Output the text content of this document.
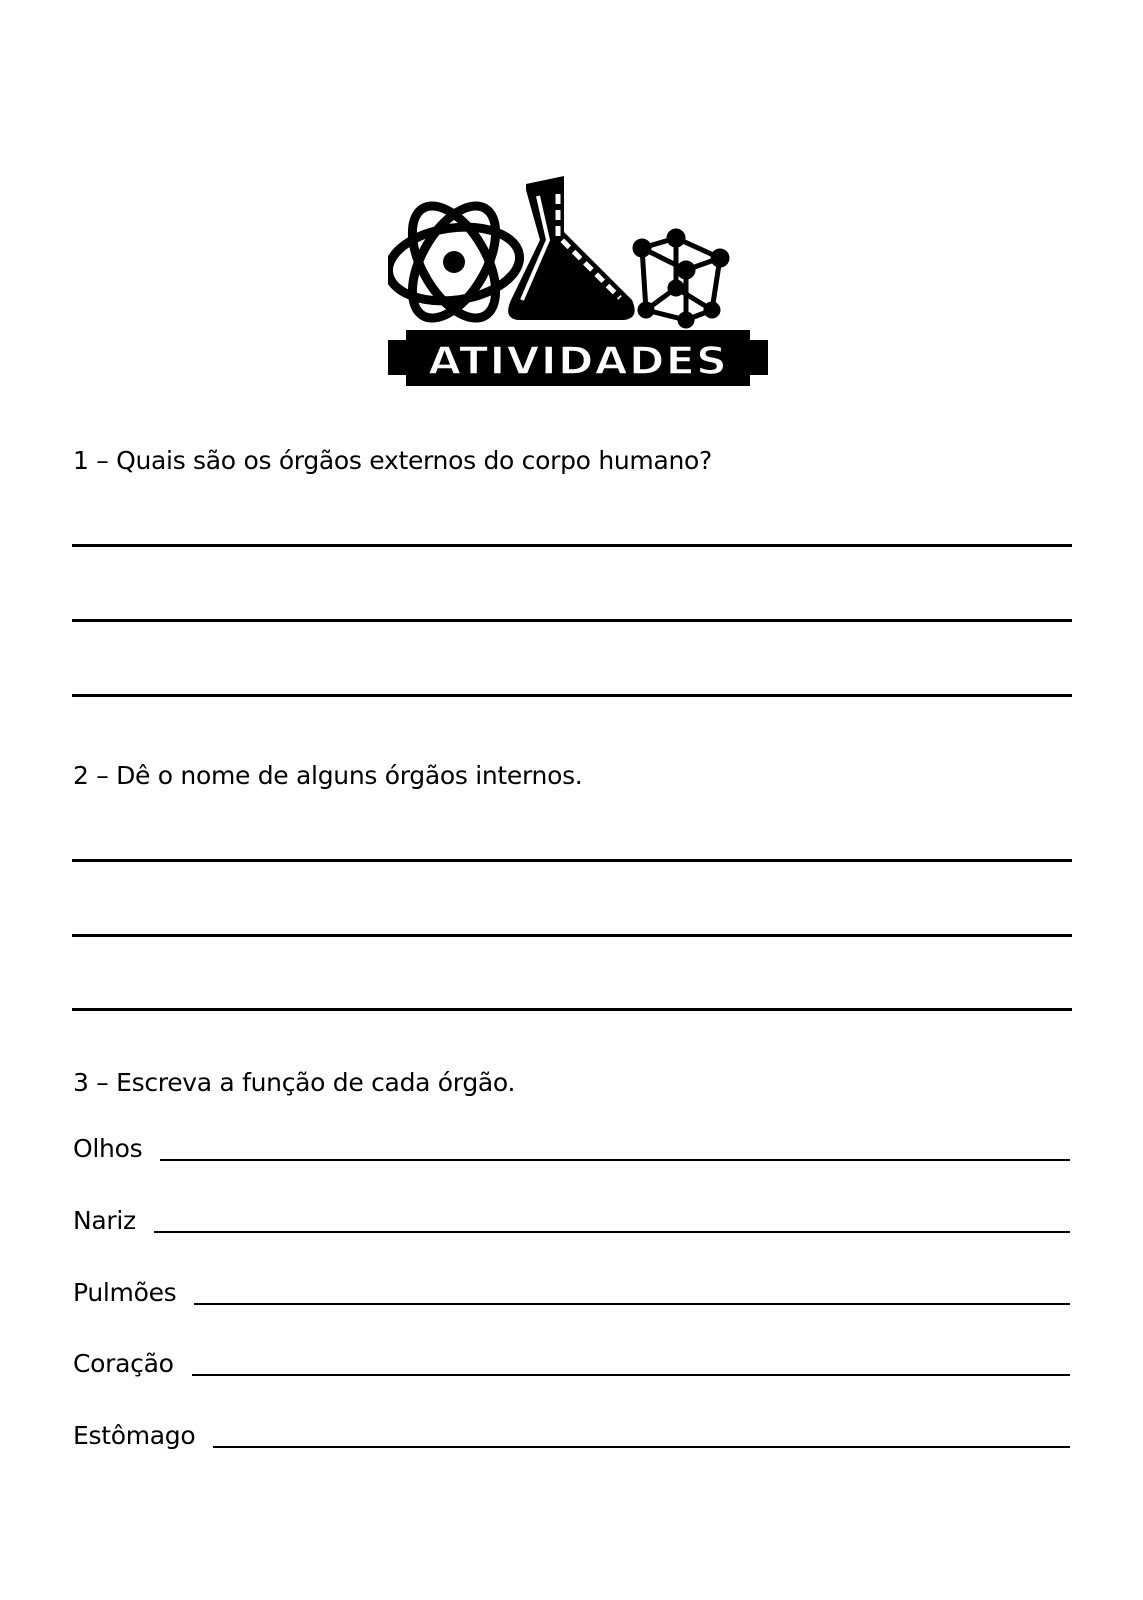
ATIVIDADES
1 – Quais são os órgãos externos do corpo humano?
2 – Dê o nome de alguns órgãos internos.
3 – Escreva a função de cada órgão.
Olhos
Nariz
Pulmões
Coração
Estômago
